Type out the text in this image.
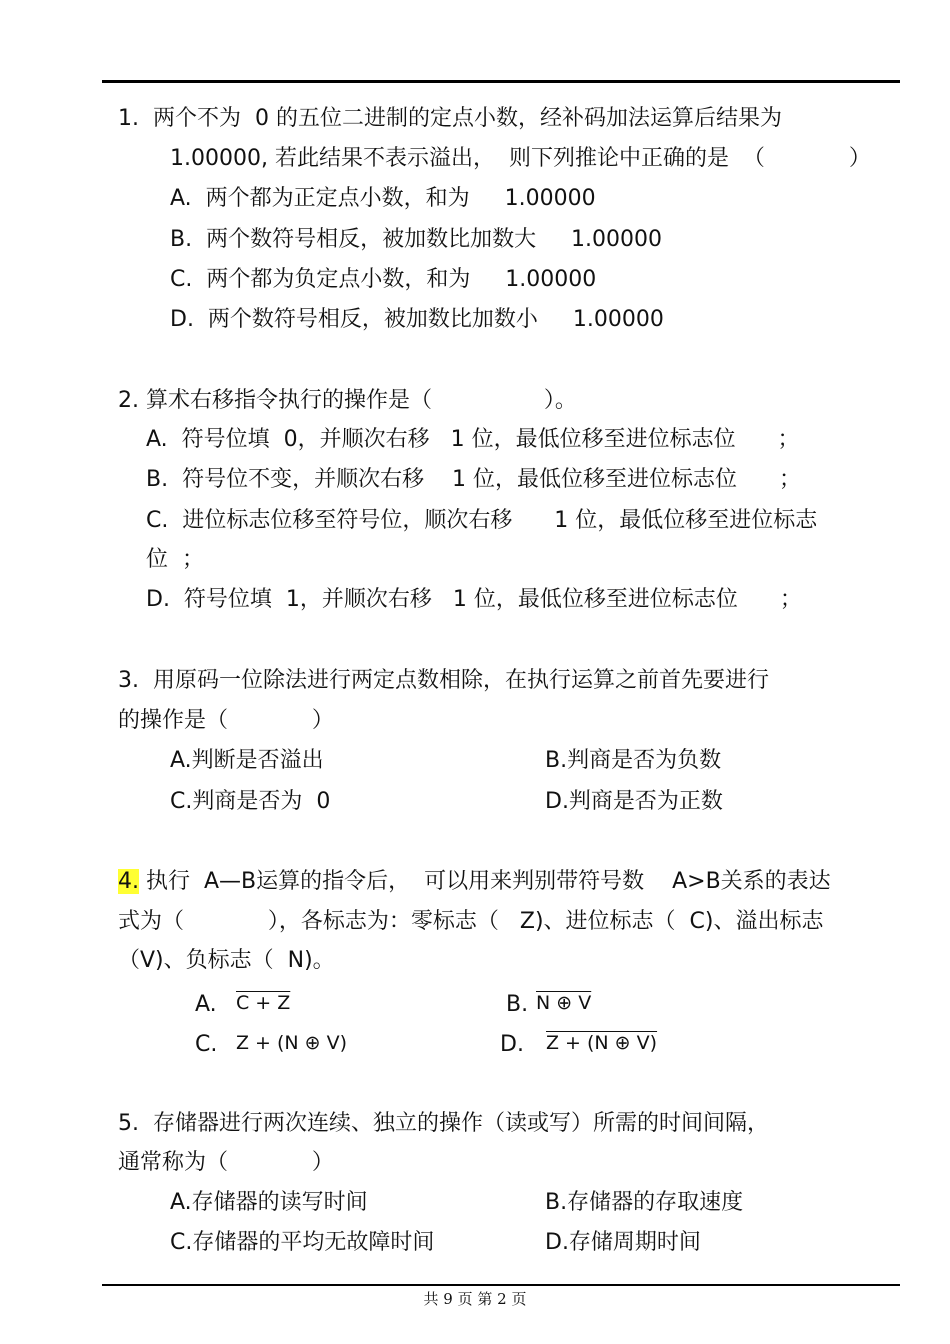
1.  两个不为  0 的五位二进制的定点小数，经补码加法运算后结果为
1.00000, 若此结果不表示溢出，  则下列推论中正确的是  （            ）
A.  两个都为正定点小数，和为     1.00000
B.  两个数符号相反，被加数比加数大     1.00000
C.  两个都为负定点小数，和为     1.00000
D.  两个数符号相反，被加数比加数小     1.00000
2. 算术右移指令执行的操作是（                ）。
A.  符号位填  0，并顺次右移   1 位，最低位移至进位标志位      ；
B.  符号位不变，并顺次右移    1 位，最低位移至进位标志位      ；
C.  进位标志位移至符号位，顺次右移      1 位，最低位移至进位标志
位  ；
D.  符号位填  1，并顺次右移   1 位，最低位移至进位标志位      ；
3.  用原码一位除法进行两定点数相除，在执行运算之前首先要进行
的操作是（            ）
A.判断是否溢出	B.判商是否为负数
C.判商是否为  0	D.判商是否为正数
4. 执行  A—B运算的指令后，  可以用来判别带符号数    A>B关系的表达
式为（            ），各标志为：零标志（   Z)、进位标志（  C)、溢出标志
（V)、负标志（  N)。
A. C + Z	B. N ⊕ V
C. Z + (N ⊕ V)	D. Z + (N ⊕ V)
5.  存储器进行两次连续、独立的操作（读或写）所需的时间间隔，
通常称为（            ）
A.存储器的读写时间	B.存储器的存取速度
C.存储器的平均无故障时间	D.存储周期时间
共 9 页 第 2 页
